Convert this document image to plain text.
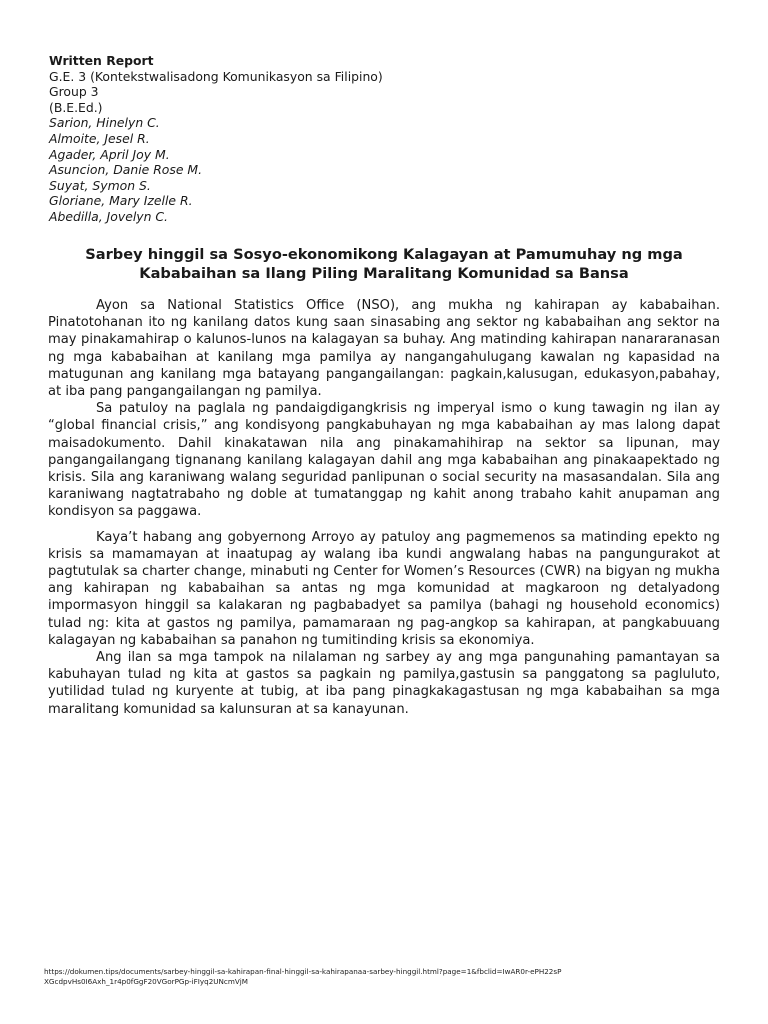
Written Report
G.E. 3 (Kontekstwalisadong Komunikasyon sa Filipino)
Group 3
(B.E.Ed.)
Sarion, Hinelyn C.
Almoite, Jesel R.
Agader, April Joy M.
Asuncion, Danie Rose M.
Suyat, Symon S.
Gloriane, Mary Izelle R.
Abedilla, Jovelyn C.
Sarbey hinggil sa Sosyo-ekonomikong Kalagayan at Pamumuhay ng mga
Kababaihan sa Ilang Piling Maralitang Komunidad sa Bansa

Ayon sa National Statistics Office (NSO), ang mukha ng kahirapan ay kababaihan. Pinatotohanan ito ng kanilang datos kung saan sinasabing ang sektor ng kababaihan ang sektor na may pinakamahirap o kalunos-lunos na kalagayan sa buhay. Ang matinding kahirapan nanararanasan ng mga kababaihan at kanilang mga pamilya ay nangangahulugang kawalan ng kapasidad na matugunan ang kanilang mga batayang pangangailangan: pagkain,kalusugan, edukasyon,pabahay, at iba pang pangangailangan ng pamilya.

Sa patuloy na paglala ng pandaigdigangkrisis ng imperyal ismo o kung tawagin ng ilan ay “global financial crisis,” ang kondisyong pangkabuhayan ng mga kababaihan ay mas lalong dapat maisadokumento. Dahil kinakatawan nila ang pinakamahihirap na sektor sa lipunan, may pangangailangang tignanang kanilang kalagayan dahil ang mga kababaihan ang pinakaapektado ng krisis. Sila ang karaniwang walang seguridad panlipunan o social security na masasandalan. Sila ang karaniwang nagtatrabaho ng doble at tumatanggap ng kahit anong trabaho kahit anupaman ang kondisyon sa paggawa.

Kaya’t habang ang gobyernong Arroyo ay patuloy ang pagmemenos sa matinding epekto ng krisis sa mamamayan at inaatupag ay walang iba kundi angwalang habas na pangungurakot at pagtutulak sa charter change, minabuti ng Center for Women’s Resources (CWR) na bigyan ng mukha ang kahirapan ng kababaihan sa antas ng mga komunidad at magkaroon ng detalyadong impormasyon hinggil sa kalakaran ng pagbabadyet sa pamilya (bahagi ng household economics) tulad ng: kita at gastos ng pamilya, pamamaraan ng pag-angkop sa kahirapan, at pangkabuuang kalagayan ng kababaihan sa panahon ng tumitinding krisis sa ekonomiya.

Ang ilan sa mga tampok na nilalaman ng sarbey ay ang mga pangunahing pamantayan sa kabuhayan tulad ng kita at gastos sa pagkain ng pamilya,gastusin sa panggatong sa pagluluto, yutilidad tulad ng kuryente at tubig, at iba pang pinagkakagastusan ng mga kababaihan sa mga maralitang komunidad sa kalunsuran at sa kanayunan.

https://dokumen.tips/documents/sarbey-hinggil-sa-kahirapan-final-hinggil-sa-kahirapanaa-sarbey-hinggil.html?page=1&fbclid=IwAR0r-ePH22sPXGcdpvHs0I6Axh_1r4p0fGgF20VGorPGp-iFIyq2UNcmVjM
